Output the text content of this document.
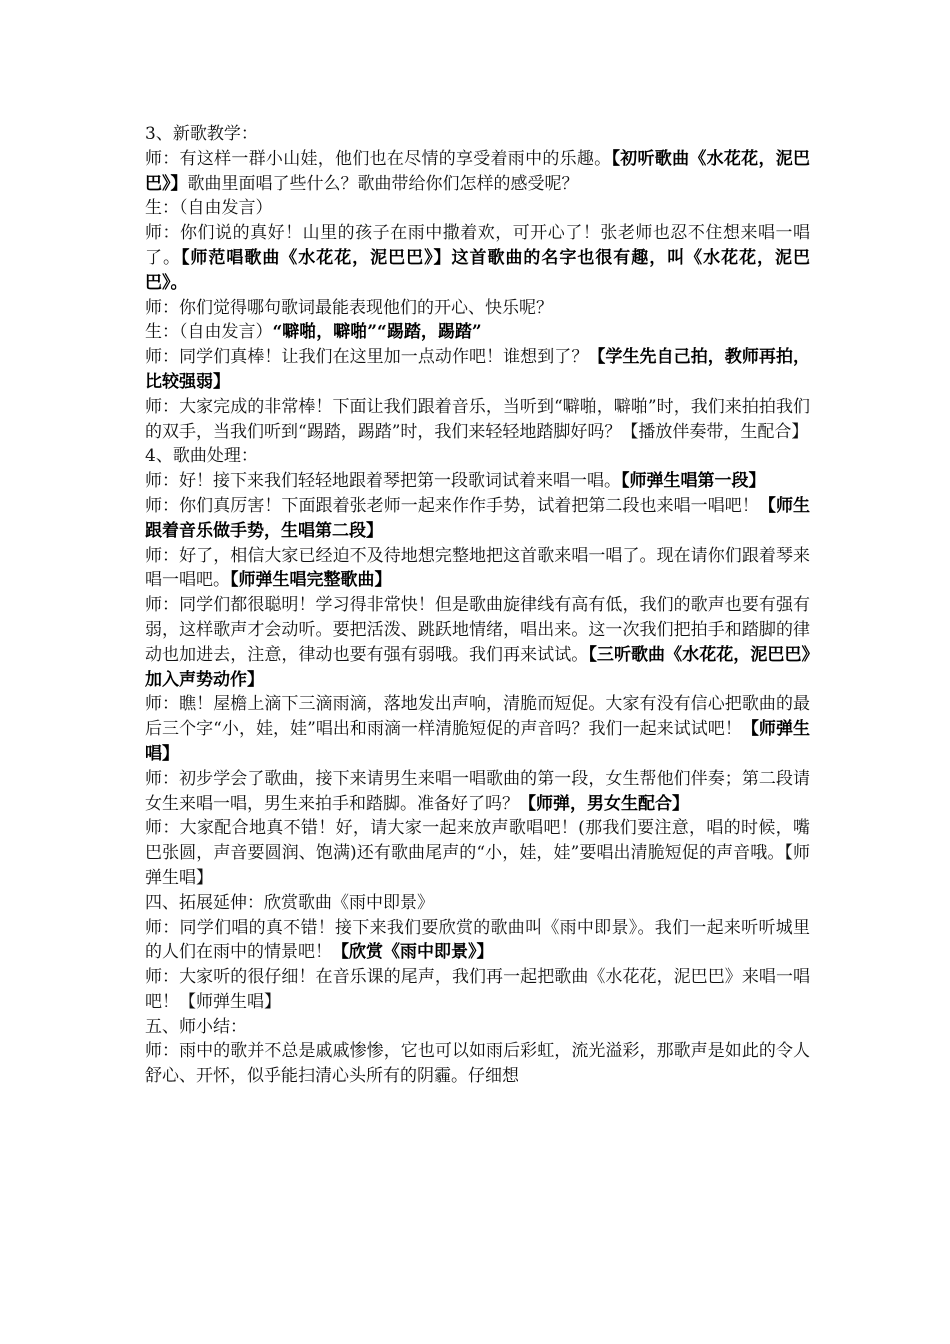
3、新歌教学：

师：有这样一群小山娃，他们也在尽情的享受着雨中的乐趣。【初听歌曲《水花花，泥巴巴》】歌曲里面唱了些什么？歌曲带给你们怎样的感受呢？

生：（自由发言）

师：你们说的真好！山里的孩子在雨中撒着欢，可开心了！张老师也忍不住想来唱一唱了。【师范唱歌曲《水花花，泥巴巴》】这首歌曲的名字也很有趣，叫《水花花，泥巴巴》。

师：你们觉得哪句歌词最能表现他们的开心、快乐呢？

生：（自由发言）“噼啪，噼啪”“踢踏，踢踏”

师：同学们真棒！让我们在这里加一点动作吧！谁想到了？【学生先自己拍，教师再拍，比较强弱】

师：大家完成的非常棒！下面让我们跟着音乐，当听到“噼啪，噼啪”时，我们来拍拍我们的双手，当我们听到“踢踏，踢踏”时，我们来轻轻地踏脚好吗？【播放伴奏带，生配合】

4、歌曲处理：

师：好！接下来我们轻轻地跟着琴把第一段歌词试着来唱一唱。【师弹生唱第一段】

师：你们真厉害！下面跟着张老师一起来作作手势，试着把第二段也来唱一唱吧！【师生跟着音乐做手势，生唱第二段】

师：好了，相信大家已经迫不及待地想完整地把这首歌来唱一唱了。现在请你们跟着琴来唱一唱吧。【师弹生唱完整歌曲】

师：同学们都很聪明！学习得非常快！但是歌曲旋律线有高有低，我们的歌声也要有强有弱，这样歌声才会动听。要把活泼、跳跃地情绪，唱出来。这一次我们把拍手和踏脚的律动也加进去，注意，律动也要有强有弱哦。我们再来试试。【三听歌曲《水花花，泥巴巴》加入声势动作】

师：瞧！屋檐上滴下三滴雨滴，落地发出声响，清脆而短促。大家有没有信心把歌曲的最后三个字“小，娃，娃”唱出和雨滴一样清脆短促的声音吗？我们一起来试试吧！【师弹生唱】

师：初步学会了歌曲，接下来请男生来唱一唱歌曲的第一段，女生帮他们伴奏；第二段请女生来唱一唱，男生来拍手和踏脚。准备好了吗？【师弹，男女生配合】

师：大家配合地真不错！好，请大家一起来放声歌唱吧！(那我们要注意，唱的时候，嘴巴张圆，声音要圆润、饱满)还有歌曲尾声的“小，娃，娃”要唱出清脆短促的声音哦。【师弹生唱】

四、拓展延伸：欣赏歌曲《雨中即景》

师：同学们唱的真不错！接下来我们要欣赏的歌曲叫《雨中即景》。我们一起来听听城里的人们在雨中的情景吧！【欣赏《雨中即景》】

师：大家听的很仔细！在音乐课的尾声，我们再一起把歌曲《水花花，泥巴巴》来唱一唱吧！【师弹生唱】

五、师小结：

师：雨中的歌并不总是戚戚惨惨，它也可以如雨后彩虹，流光溢彩，那歌声是如此的令人舒心、开怀，似乎能扫清心头所有的阴霾。仔细想
